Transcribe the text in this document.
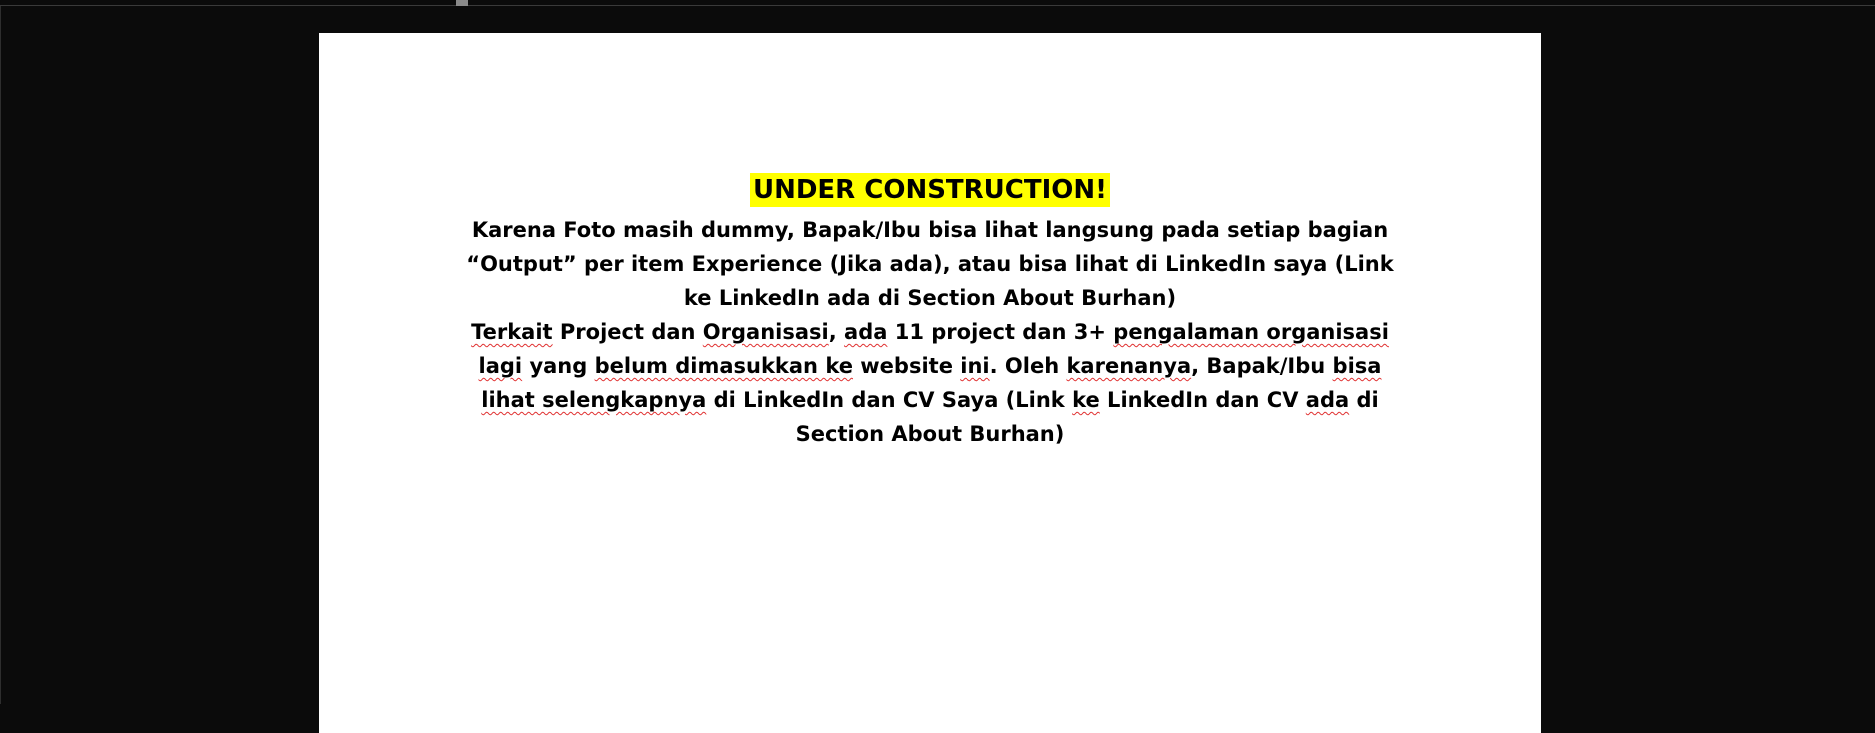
UNDER CONSTRUCTION!
Karena Foto masih dummy, Bapak/Ibu bisa lihat langsung pada setiap bagian “Output” per item Experience (Jika ada), atau bisa lihat di LinkedIn saya (Link ke LinkedIn ada di Section About Burhan)
Terkait Project dan Organisasi, ada 11 project dan 3+ pengalaman organisasi lagi yang belum dimasukkan ke website ini. Oleh karenanya, Bapak/Ibu bisa lihat selengkapnya di LinkedIn dan CV Saya (Link ke LinkedIn dan CV ada di Section About Burhan)
